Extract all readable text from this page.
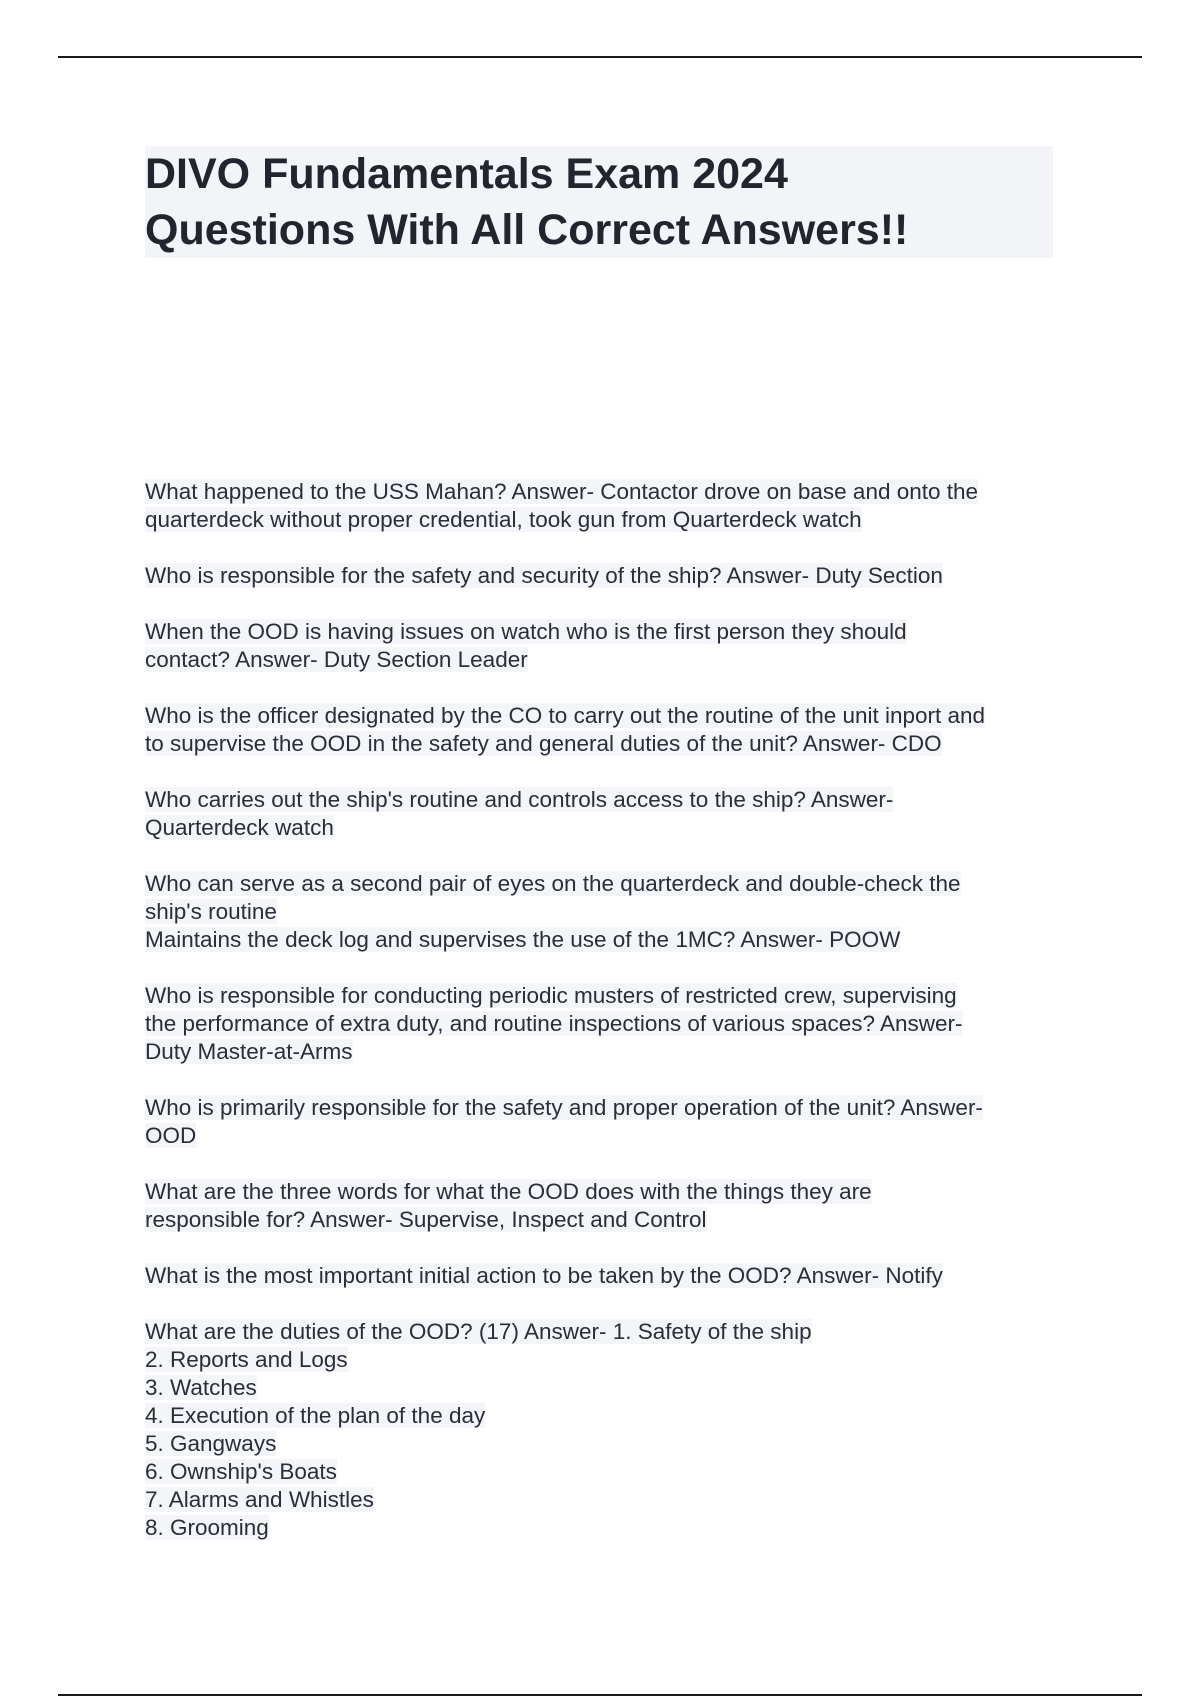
DIVO Fundamentals Exam 2024

Questions With All Correct Answers!!

What happened to the USS Mahan? Answer- Contactor drove on base and onto the
quarterdeck without proper credential, took gun from Quarterdeck watch
Who is responsible for the safety and security of the ship? Answer- Duty Section
When the OOD is having issues on watch who is the first person they should
contact? Answer- Duty Section Leader
Who is the officer designated by the CO to carry out the routine of the unit inport and
to supervise the OOD in the safety and general duties of the unit? Answer- CDO
Who carries out the ship's routine and controls access to the ship? Answer-
Quarterdeck watch
Who can serve as a second pair of eyes on the quarterdeck and double-check the
ship's routine
Maintains the deck log and supervises the use of the 1MC? Answer- POOW
Who is responsible for conducting periodic musters of restricted crew, supervising
the performance of extra duty, and routine inspections of various spaces? Answer-
Duty Master-at-Arms
Who is primarily responsible for the safety and proper operation of the unit? Answer-
OOD
What are the three words for what the OOD does with the things they are
responsible for? Answer- Supervise, Inspect and Control
What is the most important initial action to be taken by the OOD? Answer- Notify
What are the duties of the OOD? (17) Answer- 1. Safety of the ship
2. Reports and Logs
3. Watches
4. Execution of the plan of the day
5. Gangways
6. Ownship's Boats
7. Alarms and Whistles
8. Grooming
